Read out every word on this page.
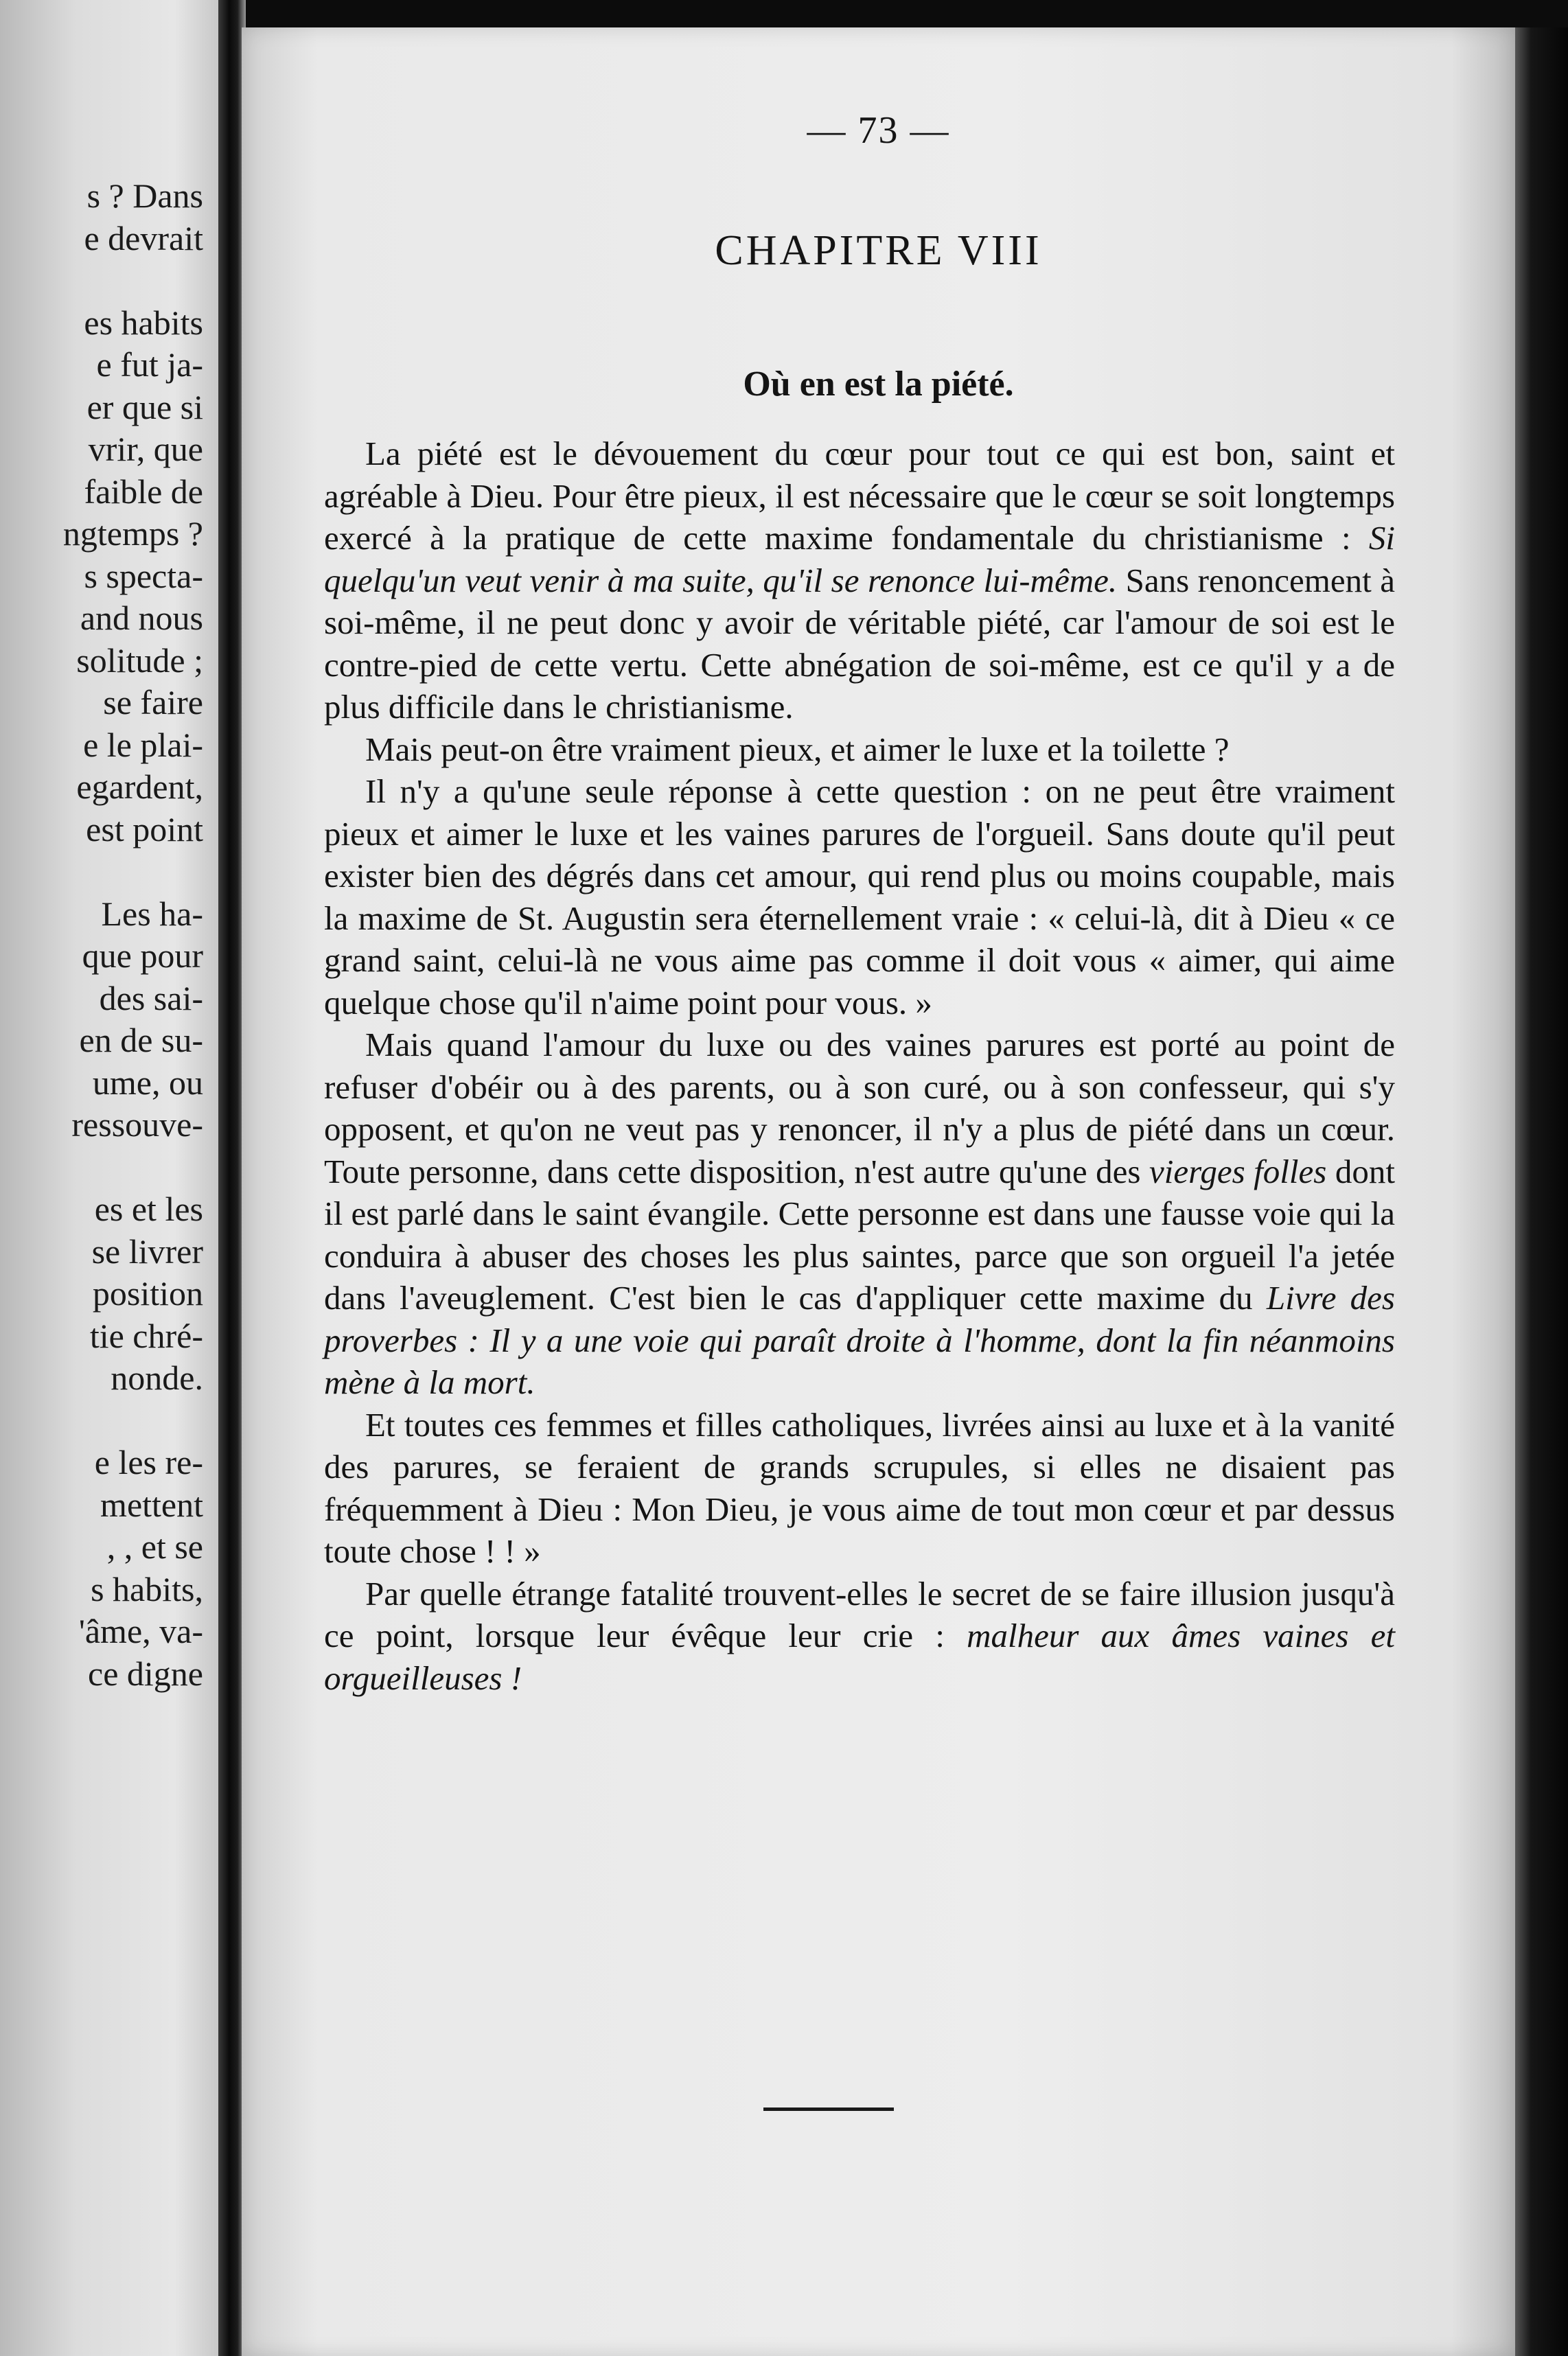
s ? Dans
e devrait
es habits
e fut ja-
er que si
vrir, que
faible de
ngtemps ?
s specta-
and nous
solitude ;
se faire
e le plai-
egardent,
est point
Les ha-
que pour
des sai-
en de su-
ume, ou
ressouve-
es et les
se livrer
position
tie chré-
nonde.
e les re-
mettent
, , et se
s habits,
'âme, va-
ce digne
— 73 —
CHAPITRE VIII
Où en est la piété.

La piété est le dévouement du cœur pour tout ce qui est bon, saint et agréable à Dieu. Pour être pieux, il est nécessaire que le cœur se soit longtemps exercé à la pratique de cette maxime fondamentale du christianisme : Si quelqu'un veut venir à ma suite, qu'il se renonce lui-même. Sans renoncement à soi-même, il ne peut donc y avoir de véritable piété, car l'amour de soi est le contre-pied de cette vertu. Cette abnégation de soi-même, est ce qu'il y a de plus difficile dans le christianisme.

Mais peut-on être vraiment pieux, et aimer le luxe et la toilette ?

Il n'y a qu'une seule réponse à cette question : on ne peut être vraiment pieux et aimer le luxe et les vaines parures de l'orgueil. Sans doute qu'il peut exister bien des dégrés dans cet amour, qui rend plus ou moins coupable, mais la maxime de St. Augustin sera éternellement vraie : « celui-là, dit à Dieu « ce grand saint, celui-là ne vous aime pas comme il doit vous « aimer, qui aime quelque chose qu'il n'aime point pour vous. »

Mais quand l'amour du luxe ou des vaines parures est porté au point de refuser d'obéir ou à des parents, ou à son curé, ou à son confesseur, qui s'y opposent, et qu'on ne veut pas y renoncer, il n'y a plus de piété dans un cœur. Toute personne, dans cette disposition, n'est autre qu'une des vierges folles dont il est parlé dans le saint évangile. Cette personne est dans une fausse voie qui la conduira à abuser des choses les plus saintes, parce que son orgueil l'a jetée dans l'aveuglement. C'est bien le cas d'appliquer cette maxime du Livre des proverbes : Il y a une voie qui paraît droite à l'homme, dont la fin néanmoins mène à la mort.

Et toutes ces femmes et filles catholiques, livrées ainsi au luxe et à la vanité des parures, se feraient de grands scrupules, si elles ne disaient pas fréquemment à Dieu : Mon Dieu, je vous aime de tout mon cœur et par dessus toute chose ! ! »

Par quelle étrange fatalité trouvent-elles le secret de se faire illusion jusqu'à ce point, lorsque leur évêque leur crie : malheur aux âmes vaines et orgueilleuses !
